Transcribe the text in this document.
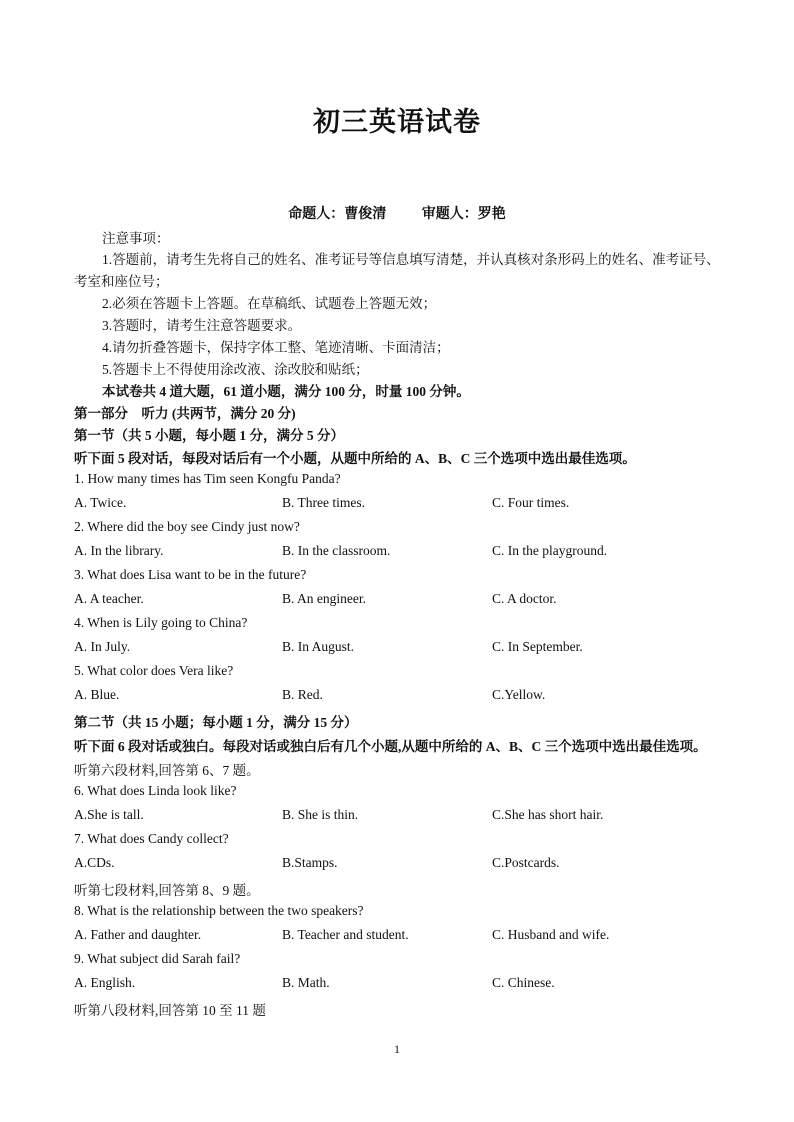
初三英语试卷
命题人：曹俊清	审题人：罗艳
注意事项：
1.答题前，请考生先将自己的姓名、准考证号等信息填写清楚，并认真核对条形码上的姓名、准考证号、
考室和座位号；
2.必须在答题卡上答题。在草稿纸、试题卷上答题无效；
3.答题时，请考生注意答题要求。
4.请勿折叠答题卡，保持字体工整、笔迹清晰、卡面清洁；
5.答题卡上不得使用涂改液、涂改胶和贴纸；
本试卷共 4 道大题，61 道小题，满分 100 分，时量 100 分钟。
第一部分　听力 (共两节，满分 20 分)
第一节（共 5 小题，每小题 1 分，满分 5 分）
听下面 5 段对话，每段对话后有一个小题，从题中所给的 A、B、C 三个选项中选出最佳选项。
1. How many times has Tim seen Kongfu Panda?
A. Twice.	B. Three times.	C. Four times.
2. Where did the boy see Cindy just now?
A. In the library.	B. In the classroom.	C. In the playground.
3. What does Lisa want to be in the future?
A. A teacher.	B. An engineer.	C. A doctor.
4. When is Lily going to China?
A. In July.	B. In August.	C. In September.
5. What color does Vera like?
A. Blue.	B. Red.	C.Yellow.
第二节（共 15 小题；每小题 1 分，满分 15 分）
听下面 6 段对话或独白。每段对话或独白后有几个小题,从题中所给的 A、B、C 三个选项中选出最佳选项。
听第六段材料,回答第 6、7 题。
6. What does Linda look like?
A.She is tall.	B. She is thin.	C.She has short hair.
7. What does Candy collect?
A.CDs.	B.Stamps.	C.Postcards.
听第七段材料,回答第 8、9 题。
8. What is the relationship between the two speakers?
A. Father and daughter.	B. Teacher and student.	C. Husband and wife.
9. What subject did Sarah fail?
A. English.	B. Math.	C. Chinese.
听第八段材料,回答第 10 至 11 题
1
